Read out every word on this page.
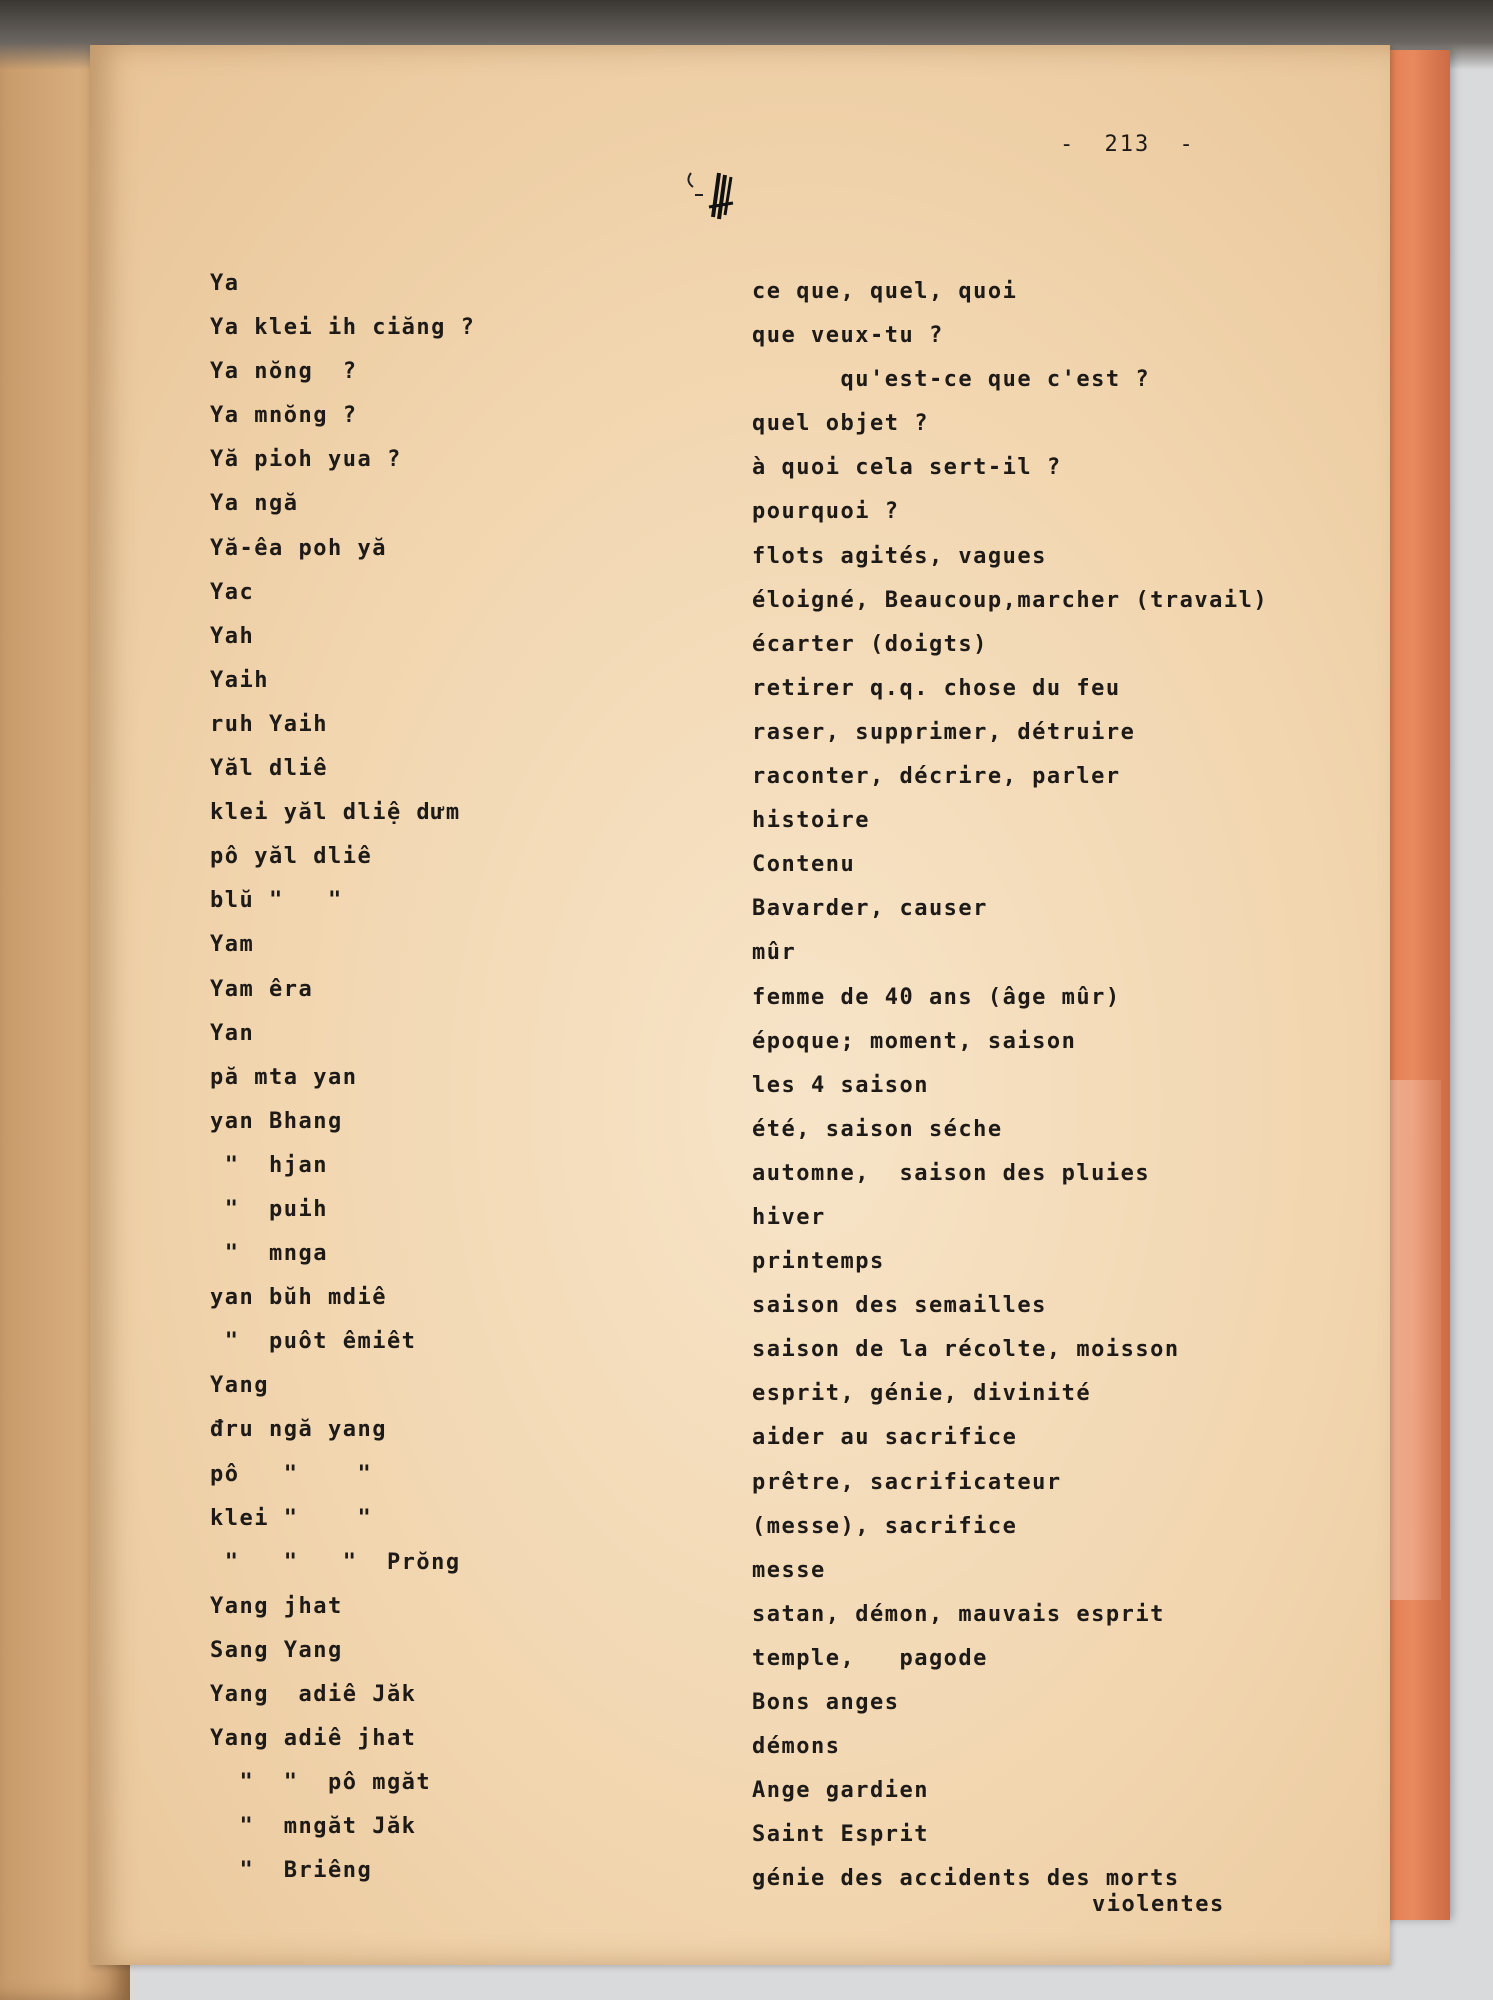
- 213 -
Ya
Ya klei ih ciăng ?
Ya nŏng  ?
Ya mnŏng ?
Yă pioh yua ?
Ya ngă
Yă-êa poh yă
Yac
Yah
Yaih
ruh Yaih
Yăl dliê
klei yăl dliệ dưm
pô yăl dliê
blŭ "   "
Yam
Yam êra
Yan
pă mta yan
yan Bhang
"  hjan
"  puih
"  mnga
yan bŭh mdiê
"  puôt êmiêt
Yang
đru ngă yang
pô   "    "
klei "    "
"   "   "  Prŏng
Yang jhat
Sang Yang
Yang  adiê Jăk
Yang adiê jhat
"  "  pô mgăt
"  mngăt Jăk
"  Briêng
ce que, quel, quoi
que veux-tu ?
qu'est-ce que c'est ?
quel objet ?
à quoi cela sert-il ?
pourquoi ?
flots agités, vagues
éloigné, Beaucoup,marcher (travail)
écarter (doigts)
retirer q.q. chose du feu
raser, supprimer, détruire
raconter, décrire, parler
histoire
Contenu
Bavarder, causer
mûr
femme de 40 ans (âge mûr)
époque; moment, saison
les 4 saison
été, saison séche
automne,  saison des pluies
hiver
printemps
saison des semailles
saison de la récolte, moisson
esprit, génie, divinité
aider au sacrifice
prêtre, sacrificateur
(messe), sacrifice
messe
satan, démon, mauvais esprit
temple,   pagode
Bons anges
démons
Ange gardien
Saint Esprit
génie des accidents des morts
violentes
